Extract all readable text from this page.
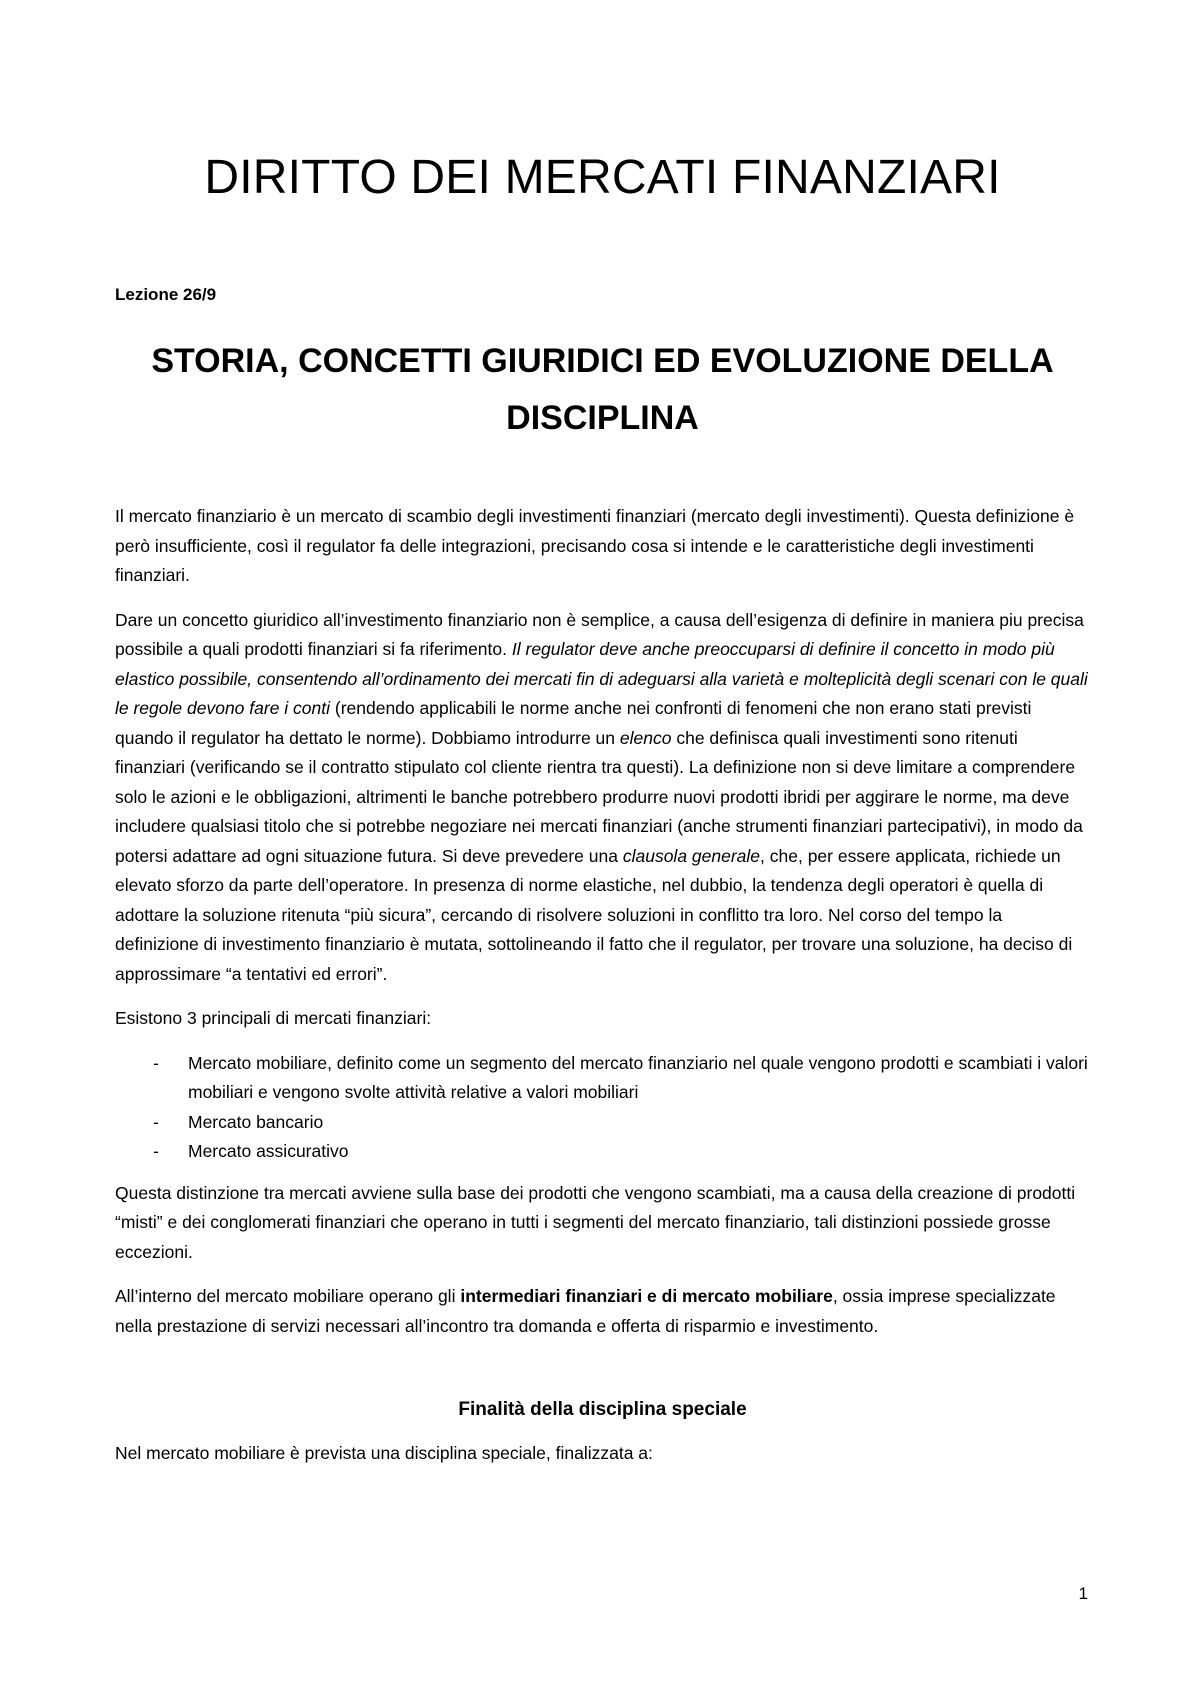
DIRITTO DEI MERCATI FINANZIARI

Lezione 26/9

STORIA, CONCETTI GIURIDICI ED EVOLUZIONE DELLA DISCIPLINA

Il mercato finanziario è un mercato di scambio degli investimenti finanziari (mercato degli investimenti). Questa definizione è però insufficiente, così il regulator fa delle integrazioni, precisando cosa si intende e le caratteristiche degli investimenti finanziari.

Dare un concetto giuridico all’investimento finanziario non è semplice, a causa dell’esigenza di definire in maniera piu precisa possibile a quali prodotti finanziari si fa riferimento. Il regulator deve anche preoccuparsi di definire il concetto in modo più elastico possibile, consentendo all’ordinamento dei mercati fin di adeguarsi alla varietà e molteplicità degli scenari con le quali le regole devono fare i conti (rendendo applicabili le norme anche nei confronti di fenomeni che non erano stati previsti quando il regulator ha dettato le norme). Dobbiamo introdurre un elenco che definisca quali investimenti sono ritenuti finanziari (verificando se il contratto stipulato col cliente rientra tra questi). La definizione non si deve limitare a comprendere solo le azioni e le obbligazioni, altrimenti le banche potrebbero produrre nuovi prodotti ibridi per aggirare le norme, ma deve includere qualsiasi titolo che si potrebbe negoziare nei mercati finanziari (anche strumenti finanziari partecipativi), in modo da potersi adattare ad ogni situazione futura. Si deve prevedere una clausola generale, che, per essere applicata, richiede un elevato sforzo da parte dell’operatore. In presenza di norme elastiche, nel dubbio, la tendenza degli operatori è quella di adottare la soluzione ritenuta “più sicura”, cercando di risolvere soluzioni in conflitto tra loro. Nel corso del tempo la definizione di investimento finanziario è mutata, sottolineando il fatto che il regulator, per trovare una soluzione, ha deciso di approssimare “a tentativi ed errori”.

Esistono 3 principali di mercati finanziari:

- Mercato mobiliare, definito come un segmento del mercato finanziario nel quale vengono prodotti e scambiati i valori mobiliari e vengono svolte attività relative a valori mobiliari
- Mercato bancario
- Mercato assicurativo

Questa distinzione tra mercati avviene sulla base dei prodotti che vengono scambiati, ma a causa della creazione di prodotti “misti” e dei conglomerati finanziari che operano in tutti i segmenti del mercato finanziario, tali distinzioni possiede grosse eccezioni.

All’interno del mercato mobiliare operano gli intermediari finanziari e di mercato mobiliare, ossia imprese specializzate nella prestazione di servizi necessari all’incontro tra domanda e offerta di risparmio e investimento.

Finalità della disciplina speciale

Nel mercato mobiliare è prevista una disciplina speciale, finalizzata a:

1
